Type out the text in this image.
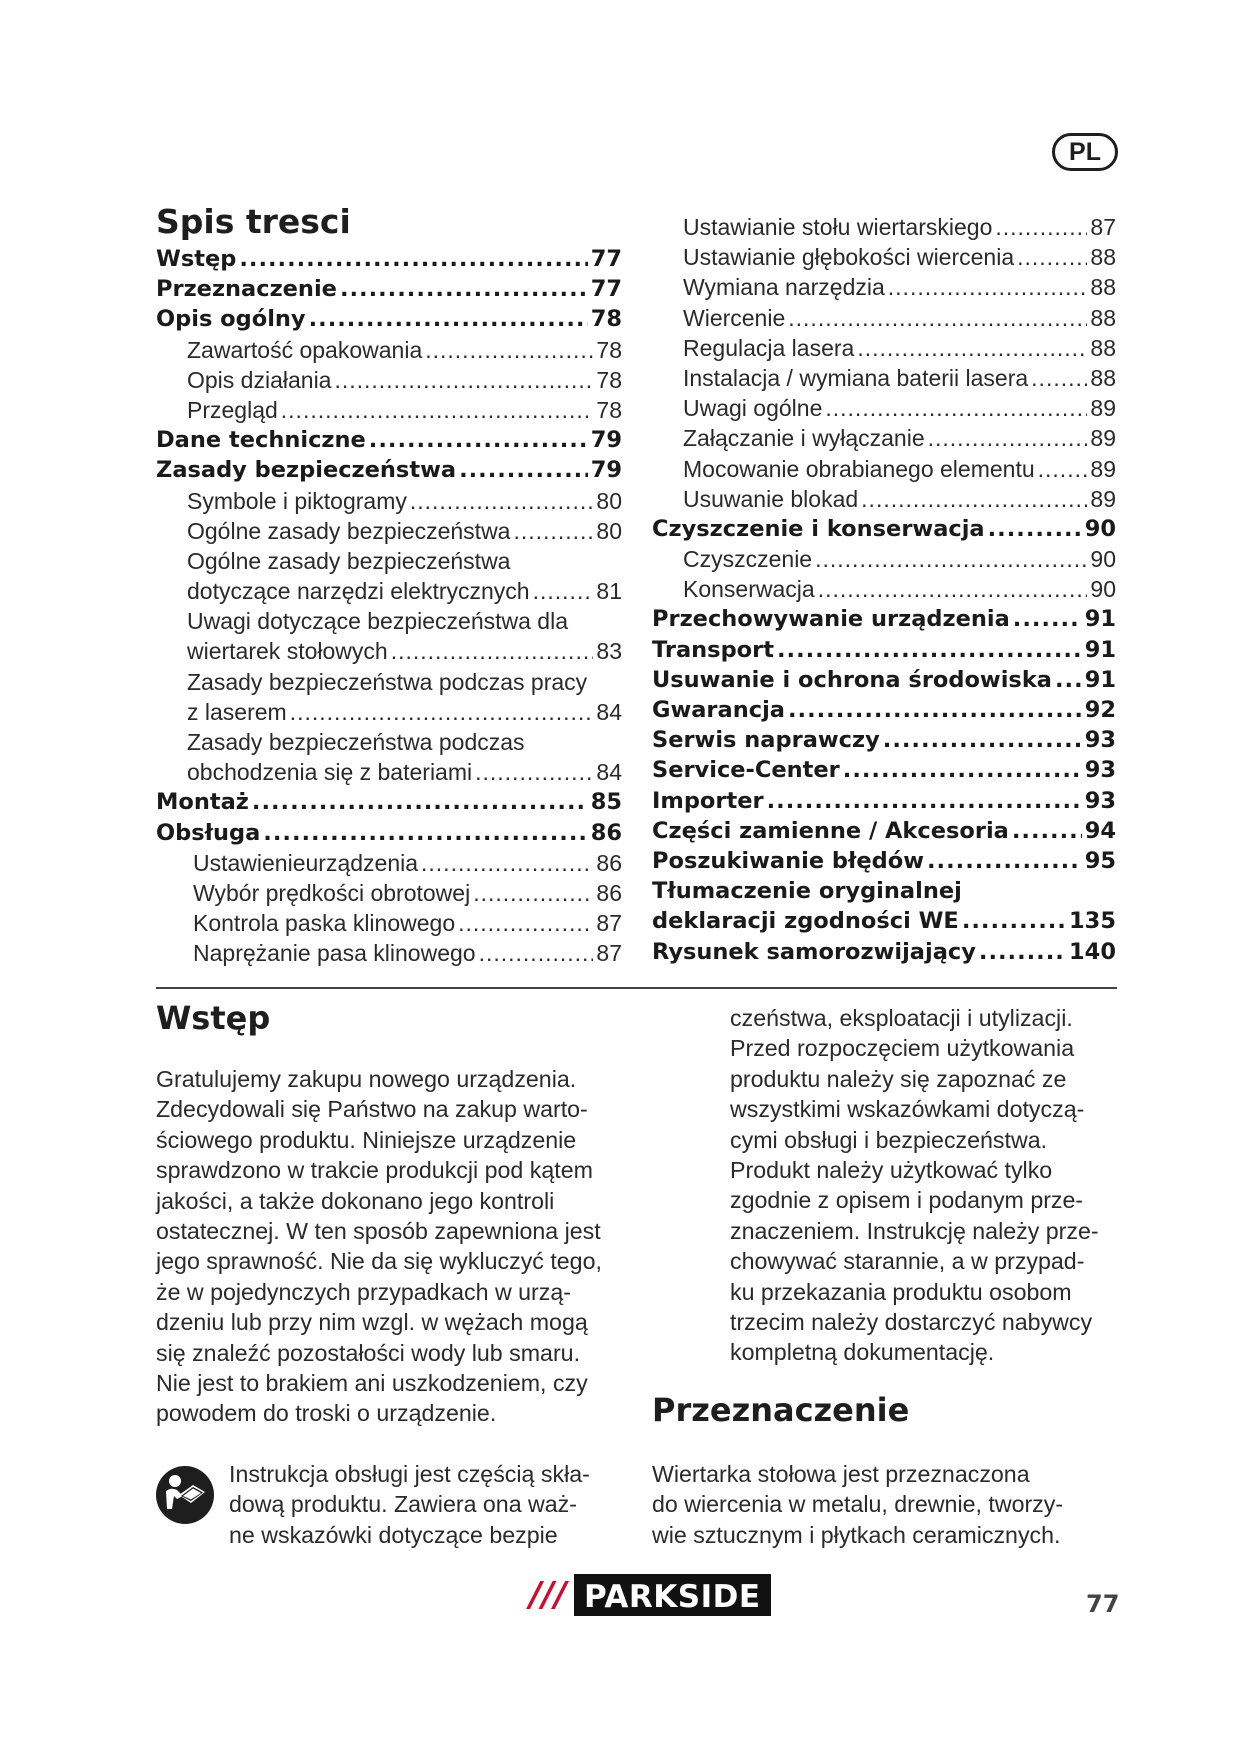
PL
Spis tresci
Wstęp .....	77
Przeznaczenie .....	77
Opis ogólny .....	78
Zawartość opakowania .....	78
Opis działania .....	78
Przegląd .....	78
Dane techniczne .....	79
Zasady bezpieczeństwa .....	79
Symbole i piktogramy .....	80
Ogólne zasady bezpieczeństwa .....	80
Ogólne zasady bezpieczeństwa
dotyczące narzędzi elektrycznych .....	81
Uwagi dotyczące bezpieczeństwa dla
wiertarek stołowych .....	83
Zasady bezpieczeństwa podczas pracy
z laserem .....	84
Zasady bezpieczeństwa podczas
obchodzenia się z bateriami .....	84
Montaż .....	85
Obsługa .....	86
Ustawienieurządzenia .....	86
Wybór prędkości obrotowej .....	86
Kontrola paska klinowego .....	87
Naprężanie pasa klinowego .....	87
Ustawianie stołu wiertarskiego .....	87
Ustawianie głębokości wiercenia .....	88
Wymiana narzędzia .....	88
Wiercenie .....	88
Regulacja lasera .....	88
Instalacja / wymiana baterii lasera .....	88
Uwagi ogólne .....	89
Załączanie i wyłączanie .....	89
Mocowanie obrabianego elementu ..... 89
Usuwanie blokad .....	89
Czyszczenie i konserwacja .....	90
Czyszczenie .....	90
Konserwacja .....	90
Przechowywanie urządzenia .....	91
Transport .....	91
Usuwanie i ochrona środowiska ..... 91
Gwarancja .....	92
Serwis naprawczy .....	93
Service-Center .....	93
Importer .....	93
Części zamienne / Akcesoria .....	94
Poszukiwanie błędów .....	95
Tłumaczenie oryginalnej
deklaracji zgodności WE .....	135
Rysunek samorozwijający .....	140
Wstęp

Gratulujemy zakupu nowego urządzenia.
Zdecydowali się Państwo na zakup warto-
ściowego produktu. Niniejsze urządzenie
sprawdzono w trakcie produkcji pod kątem
jakości, a także dokonano jego kontroli
ostatecznej. W ten sposób zapewniona jest
jego sprawność. Nie da się wykluczyć tego,
że w pojedynczych przypadkach w urzą-
dzeniu lub przy nim wzgl. w wężach mogą
się znaleźć pozostałości wody lub smaru.
Nie jest to brakiem ani uszkodzeniem, czy
powodem do troski o urządzenie.

Instrukcja obsługi jest częścią skła-
dową produktu. Zawiera ona waż-
ne wskazówki dotyczące bezpie

czeństwa, eksploatacji i utylizacji.
Przed rozpoczęciem użytkowania
produktu należy się zapoznać ze
wszystkimi wskazówkami dotyczą-
cymi obsługi i bezpieczeństwa.
Produkt należy użytkować tylko
zgodnie z opisem i podanym prze-
znaczeniem. Instrukcję należy prze-
chowywać starannie, a w przypad-
ku przekazania produktu osobom
trzecim należy dostarczyć nabywcy
kompletną dokumentację.

Przeznaczenie

Wiertarka stołowa jest przeznaczona
do wiercenia w metalu, drewnie, tworzy-
wie sztucznym i płytkach ceramicznych.

/// PARKSIDE	77
